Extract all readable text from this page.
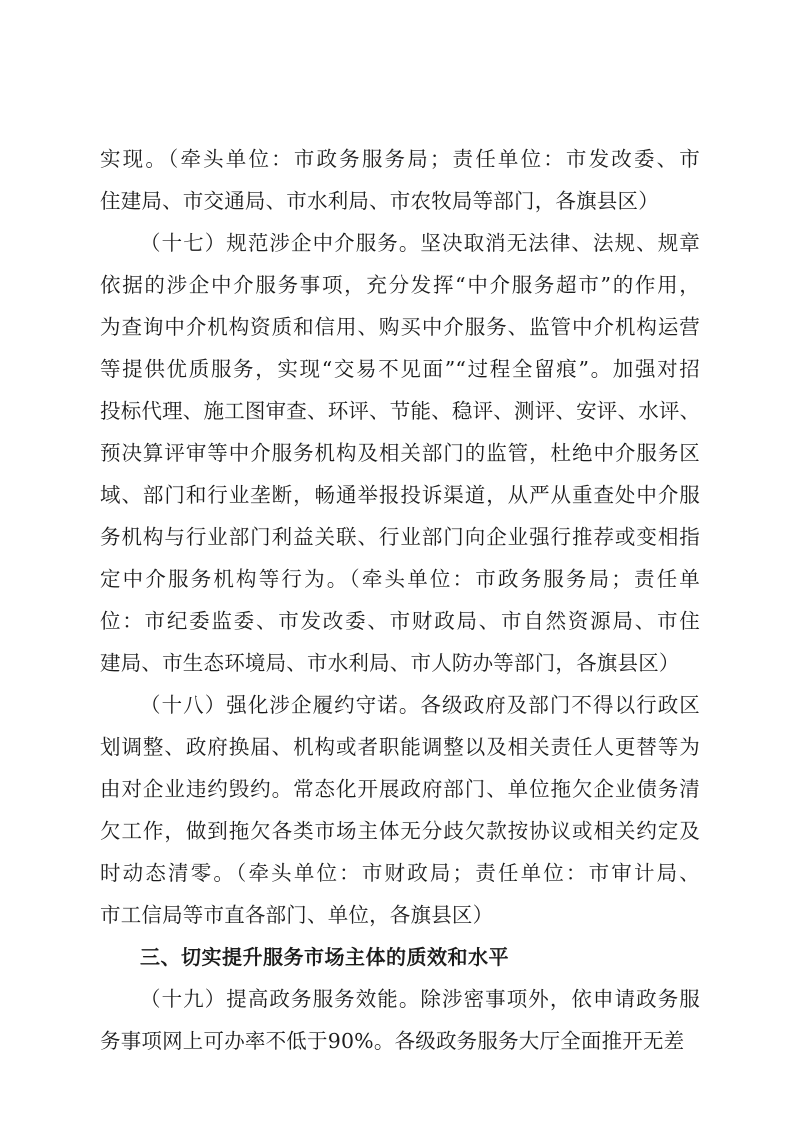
实现。（牵头单位：市政务服务局；责任单位：市发改委、市
住建局、市交通局、市水利局、市农牧局等部门，各旗县区）
（十七）规范涉企中介服务。坚决取消无法律、法规、规章
依据的涉企中介服务事项，充分发挥“中介服务超市”的作用，
为查询中介机构资质和信用、购买中介服务、监管中介机构运营
等提供优质服务，实现“交易不见面”“过程全留痕”。加强对招
投标代理、施工图审查、环评、节能、稳评、测评、安评、水评、
预决算评审等中介服务机构及相关部门的监管，杜绝中介服务区
域、部门和行业垄断，畅通举报投诉渠道，从严从重查处中介服
务机构与行业部门利益关联、行业部门向企业强行推荐或变相指
定中介服务机构等行为。（牵头单位：市政务服务局；责任单
位：市纪委监委、市发改委、市财政局、市自然资源局、市住
建局、市生态环境局、市水利局、市人防办等部门，各旗县区）
（十八）强化涉企履约守诺。各级政府及部门不得以行政区
划调整、政府换届、机构或者职能调整以及相关责任人更替等为
由对企业违约毁约。常态化开展政府部门、单位拖欠企业债务清
欠工作，做到拖欠各类市场主体无分歧欠款按协议或相关约定及
时动态清零。（牵头单位：市财政局；责任单位：市审计局、
市工信局等市直各部门、单位，各旗县区）
三、切实提升服务市场主体的质效和水平
（十九）提高政务服务效能。除涉密事项外，依申请政务服
务事项网上可办率不低于90%。各级政务服务大厅全面推开无差
